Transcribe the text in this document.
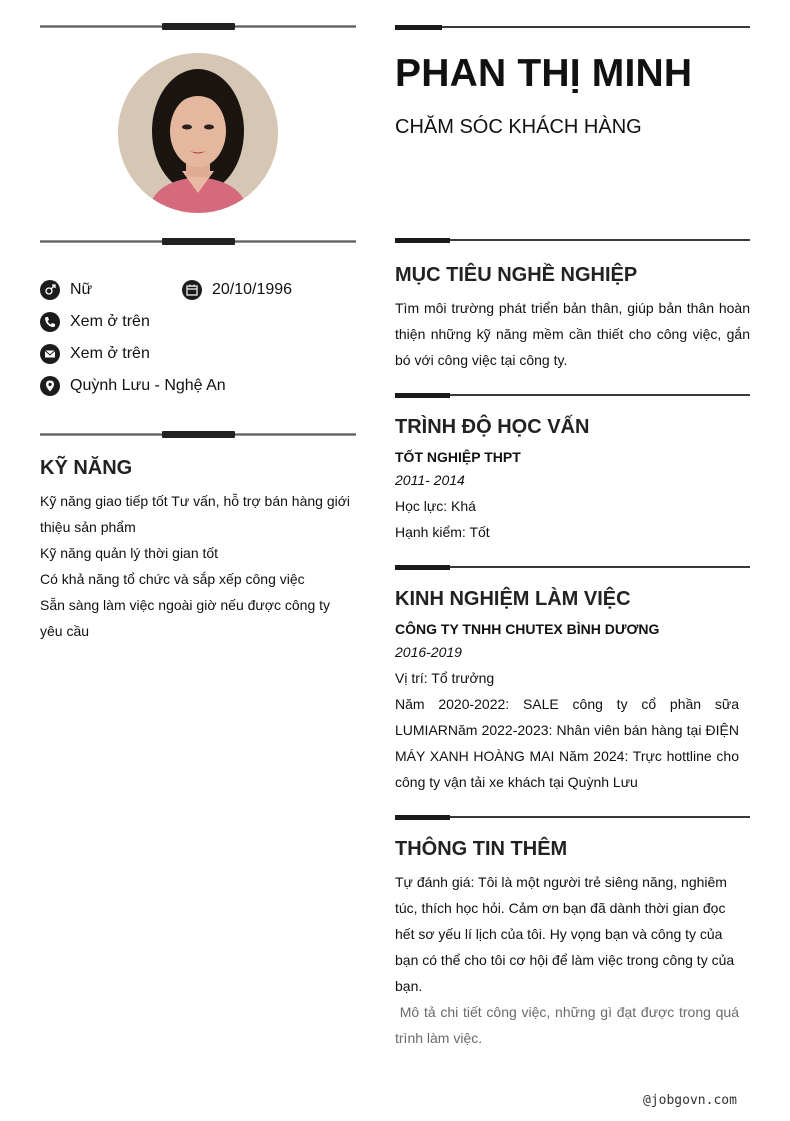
Nữ	20/10/1996
Xem ở trên
Xem ở trên
Quỳnh Lưu - Nghệ An
KỸ NĂNG
Kỹ năng giao tiếp tốt Tư vấn, hỗ trợ bán hàng giới thiệu sản phẩm
Kỹ năng quản lý thời gian tốt
Có khả năng tổ chức và sắp xếp công việc
Sẵn sàng làm việc ngoài giờ nếu được công ty yêu cầu
PHAN THỊ MINH
CHĂM SÓC KHÁCH HÀNG
MỤC TIÊU NGHỀ NGHIỆP
Tìm môi trường phát triển bản thân, giúp bản thân hoàn thiện những kỹ năng mềm cần thiết cho công việc, gắn bó với công việc tại công ty.
TRÌNH ĐỘ HỌC VẤN
TỐT NGHIỆP THPT
2011- 2014
Học lực: Khá
Hạnh kiểm: Tốt
KINH NGHIỆM LÀM VIỆC
CÔNG TY TNHH CHUTEX BÌNH DƯƠNG
2016-2019
Vị trí: Tổ trưởng
Năm 2020-2022: SALE công ty cổ phần sữa LUMIARNăm 2022-2023: Nhân viên bán hàng tại ĐIỆN MÁY XANH HOÀNG MAI Năm 2024: Trực hottline cho công ty vận tải xe khách tại Quỳnh Lưu
THÔNG TIN THÊM
Tự đánh giá: Tôi là một người trẻ siêng năng, nghiêm túc, thích học hỏi. Cảm ơn bạn đã dành thời gian đọc hết sơ yếu lí lịch của tôi. Hy vọng bạn và công ty của bạn có thể cho tôi cơ hội để làm việc trong công ty của bạn.
Mô tả chi tiết công việc, những gì đạt được trong quá trình làm việc.
@jobgovn.com
